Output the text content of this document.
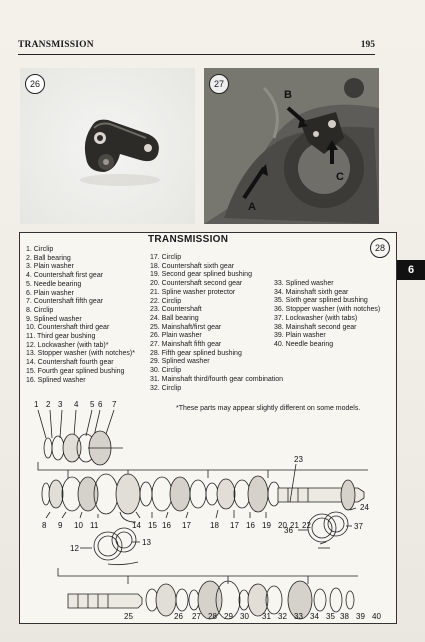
TRANSMISSION	195
26
B
C
A
27
6
TRANSMISSION
28
1. Circlip
2. Ball bearing
3. Plain washer
4. Countershaft first gear
5. Needle bearing
6. Plain washer
7. Countershaft fifth gear
8. Circlip
9. Splined washer
10. Countershaft third gear
11. Third gear bushing
12. Lockwasher (with tab)*
13. Stopper washer (with notches)*
14. Countershaft fourth gear
15. Fourth gear splined bushing
16. Splined washer
17. Circlip
18. Countershaft sixth gear
19. Second gear splined bushing
20. Countershaft second gear
21. Spline washer protector
22. Circlip
23. Countershaft
24. Ball bearing
25. Mainshaft/first gear
26. Plain washer
27. Mainshaft fifth gear
28. Fifth gear splined bushing
29. Splined washer
30. Circlip
31. Mainshaft third/fourth gear combination
32. Circlip
33. Splined washer
34. Mainshaft sixth gear
35. Sixth gear splined bushing
36. Stopper washer (with notches)
37. Lockwasher (with tabs)
38. Mainshaft second gear
39. Plain washer
40. Needle bearing
*These parts may appear slightly different on some models.
1 2 3 4 5 6 7
8 9 10 11	14 15 16 17 18 17 16 19 20 21 22
23
24
12
13
36	37
25	26 27 28 29 30 31 32 33 34 35 38 39 40
